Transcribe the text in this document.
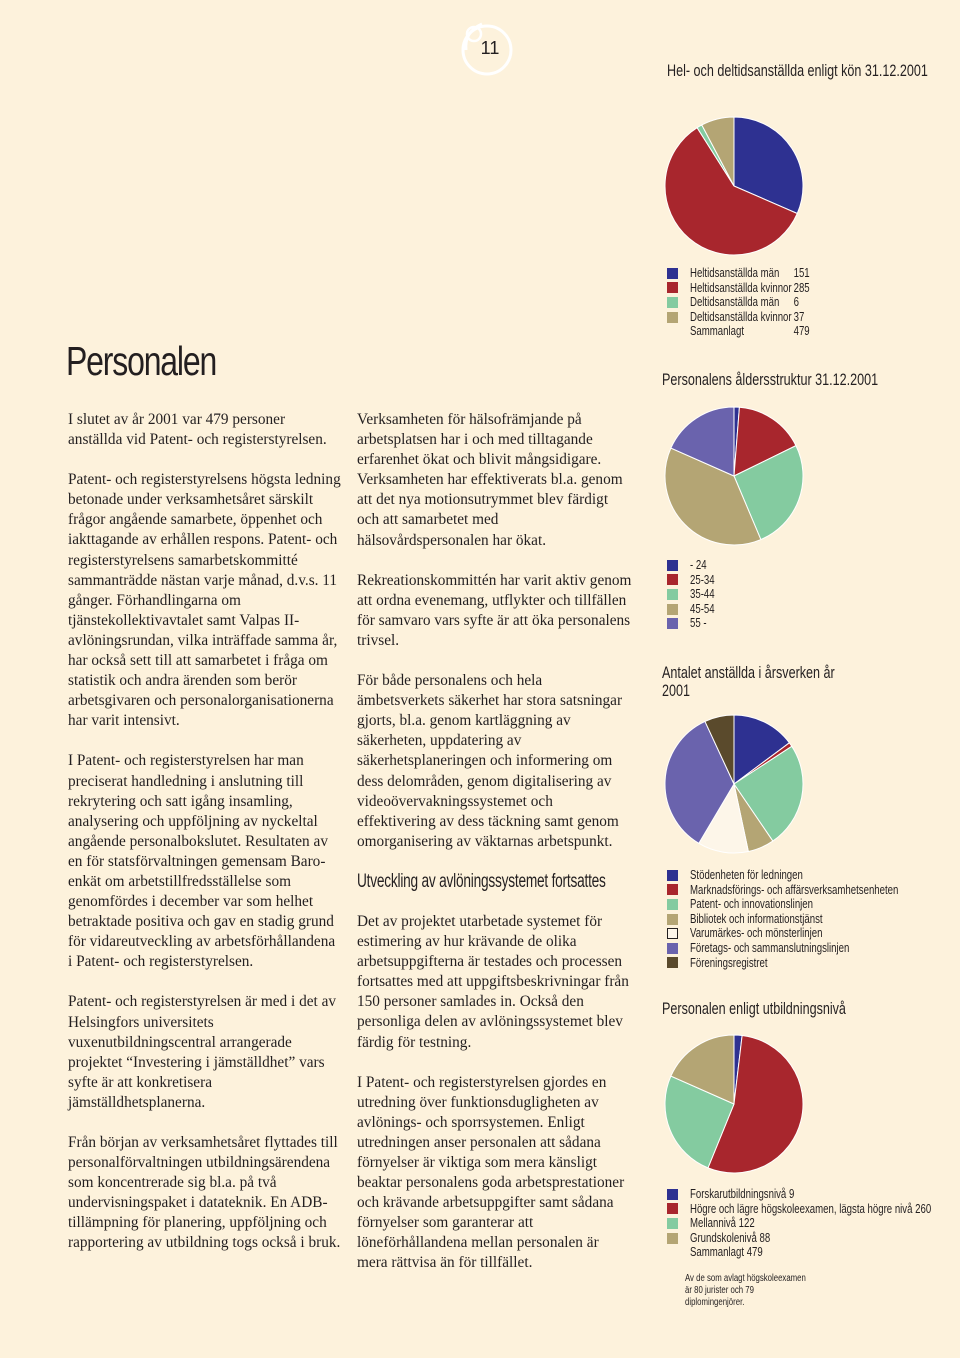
11
Personalen

I slutet av år 2001 var 479 personer anställda vid Patent- och registerstyrelsen.

Patent- och registerstyrelsens högsta ledning betonade under verksamhetsåret särskilt frågor angående samarbete, öppenhet och iakttagande av erhållen respons. Patent- och registerstyrelsens samarbetskommitté sammanträdde nästan varje månad, d.v.s. 11 gånger. Förhandlingarna om tjänstekollektivavtalet samt Valpas II-avlöningsrundan, vilka inträffade samma år, har också sett till att samarbetet i fråga om statistik och andra ärenden som berör arbetsgivaren och personalorganisationerna har varit intensivt.

I Patent- och registerstyrelsen har man preciserat handledning i anslutning till rekrytering och satt igång insamling, analysering och uppföljning av nyckeltal angående personalbokslutet. Resultaten av en för statsförvaltningen gemensam Baro-enkät om arbetstillfredsställelse som genomfördes i december var som helhet betraktade positiva och gav en stadig grund för vidareutveckling av arbetsförhållandena i Patent- och registerstyrelsen.

Patent- och registerstyrelsen är med i det av Helsingfors universitets vuxenutbildningscentral arrangerade projektet “Investering i jämställdhet” vars syfte är att konkretisera jämställdhetsplanerna.

Från början av verksamhetsåret flyttades till personalförvaltningen utbildningsärendena som koncentrerade sig bl.a. på två undervisningspaket i datateknik. En ADB-tillämpning för planering, uppföljning och rapportering av utbildning togs också i bruk.

Verksamheten för hälsofrämjande på arbetsplatsen har i och med tilltagande erfarenhet ökat och blivit mångsidigare. Verksamheten har effektiverats bl.a. genom att det nya motionsutrymmet blev färdigt och att samarbetet med hälsovårdspersonalen har ökat.

Rekreationskommittén har varit aktiv genom att ordna evenemang, utflykter och tillfällen för samvaro vars syfte är att öka personalens trivsel.

För både personalens och hela ämbetsverkets säkerhet har stora satsningar gjorts, bl.a. genom kartläggning av säkerheten, uppdatering av säkerhetsplaneringen och informering om dess delområden, genom digitalisering av videoövervakningssystemet och effektivering av dess täckning samt genom omorganisering av väktarnas arbetspunkt.

Utveckling av avlöningssystemet fortsattes

Det av projektet utarbetade systemet för estimering av hur krävande de olika arbetsuppgifterna är testades och processen fortsattes med att uppgiftsbeskrivningar från 150 personer samlades in. Också den personliga delen av avlöningssystemet blev färdig för testning.

I Patent- och registerstyrelsen gjordes en utredning över funktionsdugligheten av avlönings- och sporrsystemen. Enligt utredningen anser personalen att sådana förnyelser är viktiga som mera känsligt beaktar personalens goda arbetsprestationer och krävande arbetsuppgifter samt sådana förnyelser som garanterar att löneförhållandena mellan personalen är mera rättvisa än för tillfället.

Hel- och deltidsanställda enligt kön 31.12.2001
Heltidsanställda män 151
Heltidsanställda kvinnor 285
Deltidsanställda män 6
Deltidsanställda kvinnor 37
Sammanlagt	479
Personalens åldersstruktur 31.12.2001
- 24
25-34
35-44
45-54
55 -
Antalet anställda i årsverken år 2001
Stödenheten för ledningen
Marknadsförings- och affärsverksamhetsenheten
Patent- och innovationslinjen
Bibliotek och informationstjänst
Varumärkes- och mönsterlinjen
Företags- och sammanslutningslinjen
Föreningsregistret
Personalen enligt utbildningsnivå
Forskarutbildningsnivå 9
Högre och lägre högskoleexamen, lägsta högre nivå 260
Mellannivå 122
Grundskolenivå 88
Sammanlagt 479
Av de som avlagt högskoleexamen är 80 jurister och 79 diplomingenjörer.
